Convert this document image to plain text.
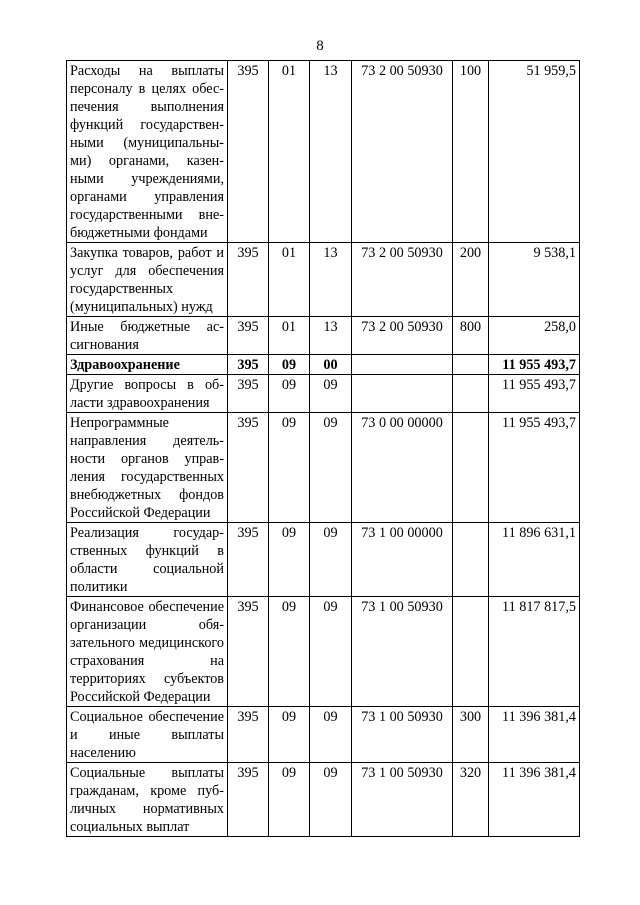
8
Расходы на выплаты персоналу в целях обеспечения выполнения функций государственными (муниципальными) органами, казенными учреждениями, органами управления государственными внебюджетными фондами	395	01	13	73 2 00 50930	100	51 959,5
Закупка товаров, работ и услуг для обеспечения государственных (муниципальных) нужд	395	01	13	73 2 00 50930	200	9 538,1
Иные бюджетные ассигнования	395	01	13	73 2 00 50930	800	258,0
Здравоохранение	395	09	00			11 955 493,7
Другие вопросы в области здравоохранения	395	09	09			11 955 493,7
Непрограммные направления деятельности органов управления государственных внебюджетных фондов Российской Федерации	395	09	09	73 0 00 00000		11 955 493,7
Реализация государственных функций в области социальной политики	395	09	09	73 1 00 00000		11 896 631,1
Финансовое обеспечение организации обязательного медицинского страхования на территориях субъектов Российской Федерации	395	09	09	73 1 00 50930		11 817 817,5
Социальное обеспечение и иные выплаты населению	395	09	09	73 1 00 50930	300	11 396 381,4
Социальные выплаты гражданам, кроме публичных нормативных социальных выплат	395	09	09	73 1 00 50930	320	11 396 381,4
